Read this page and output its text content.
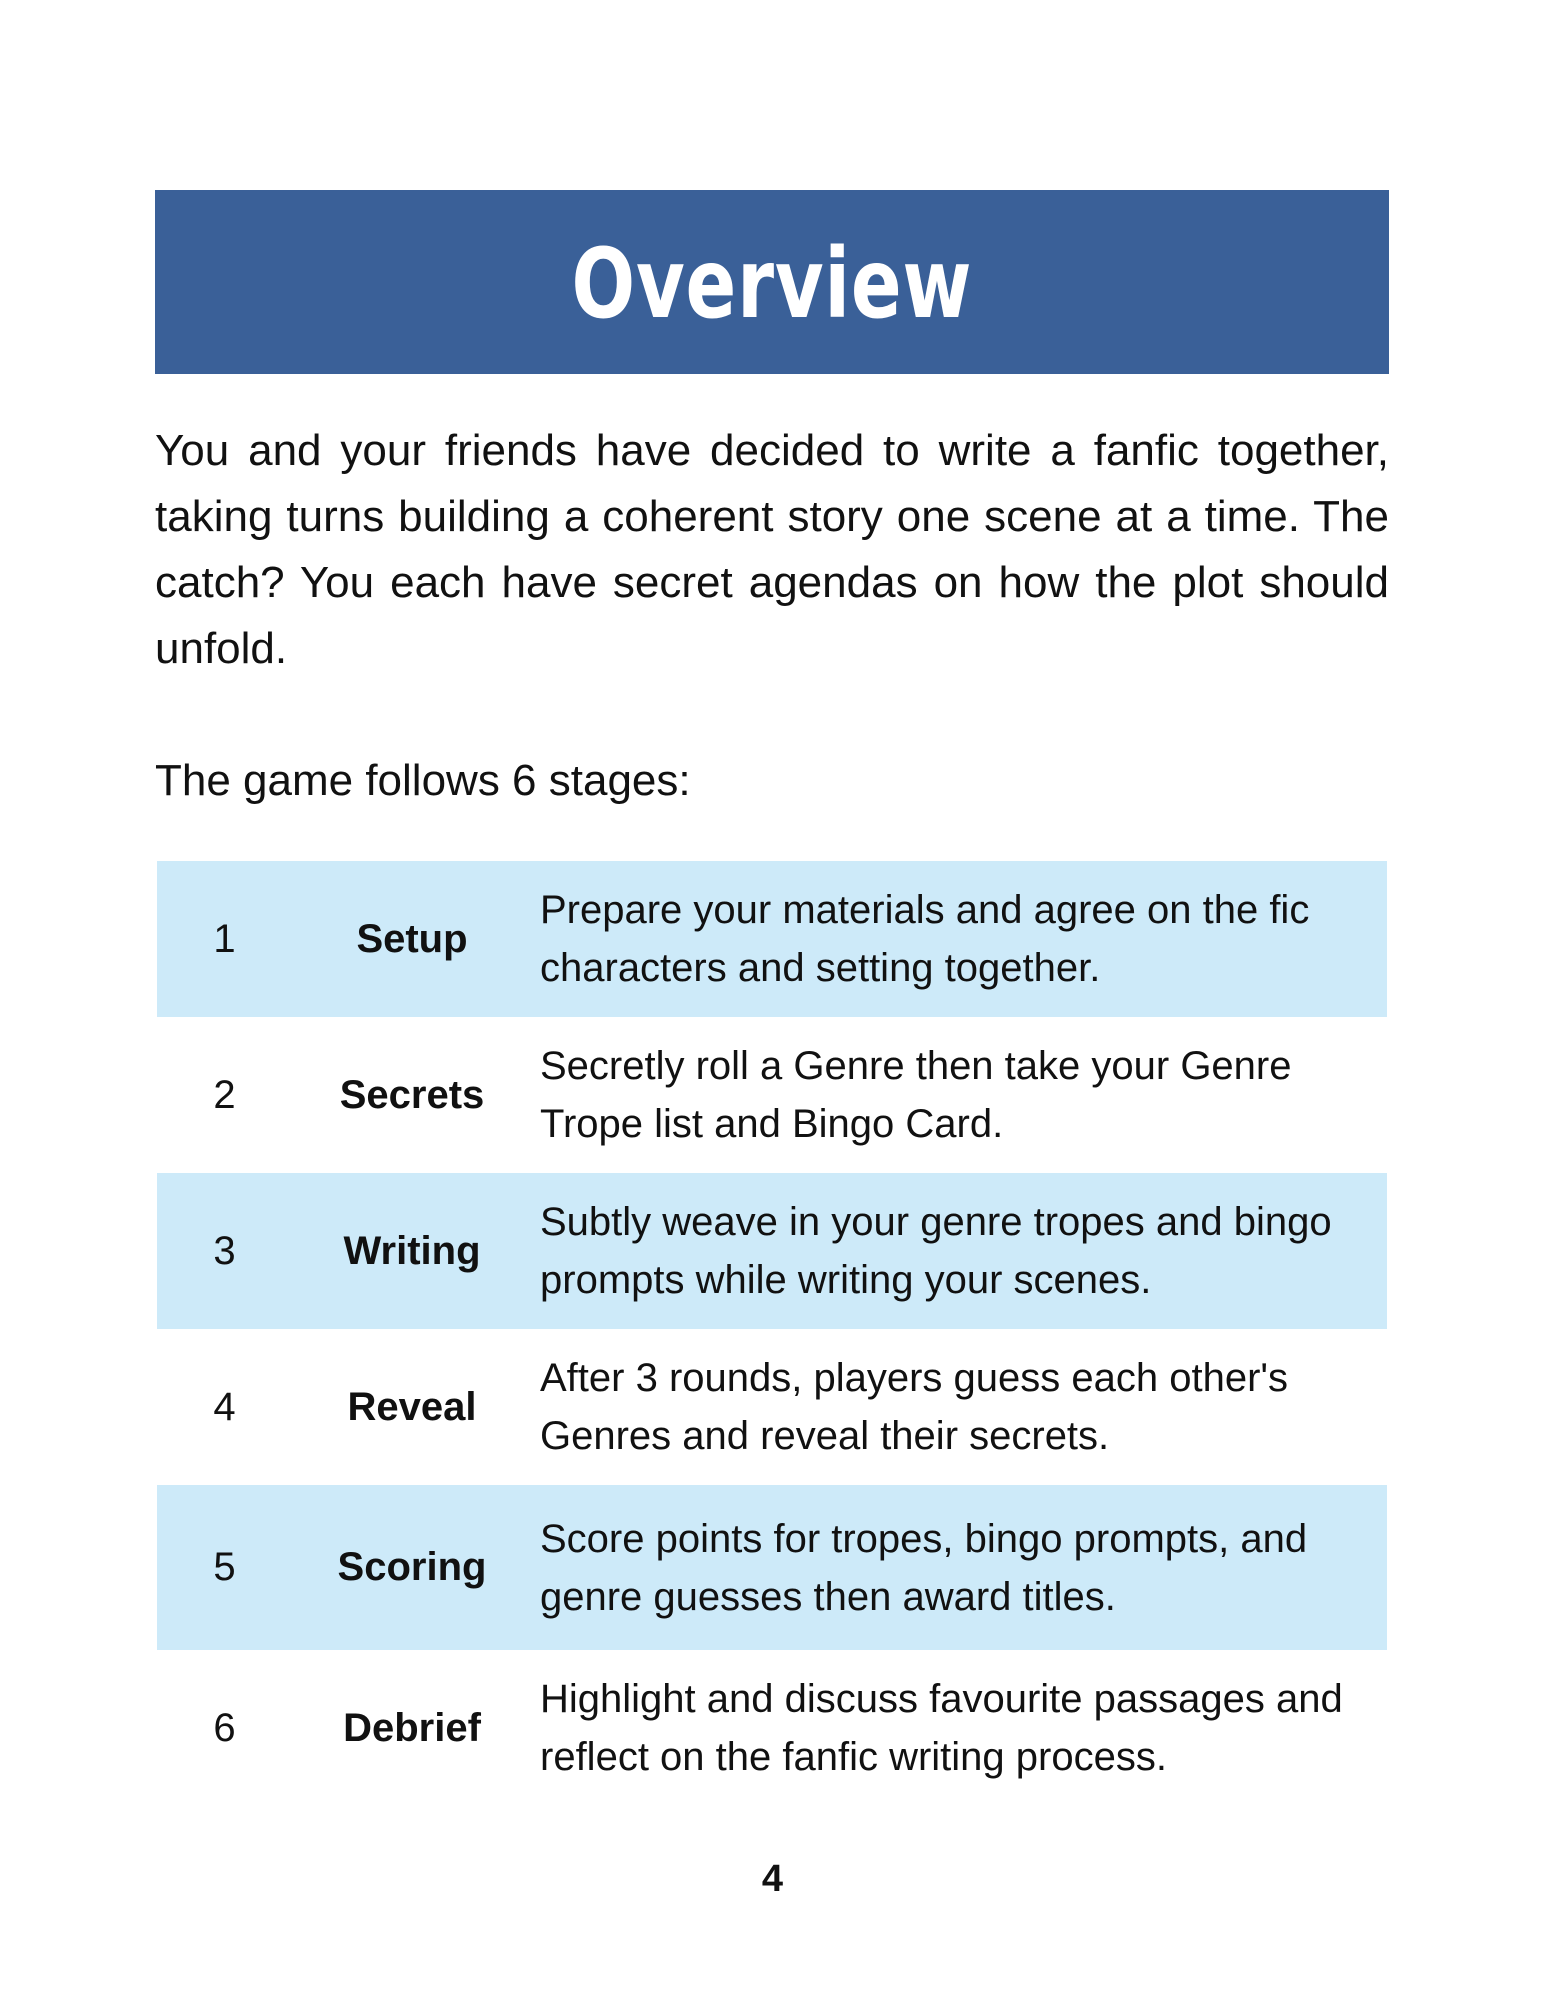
Overview

You and your friends have decided to write a fanfic together, taking turns building a coherent story one scene at a time. The catch? You each have secret agendas on how the plot should unfold.

The game follows 6 stages:

1	Setup	Prepare your materials and agree on the fic characters and setting together.
2	Secrets	Secretly roll a Genre then take your Genre Trope list and Bingo Card.
3	Writing	Subtly weave in your genre tropes and bingo prompts while writing your scenes.
4	Reveal	After 3 rounds, players guess each other's Genres and reveal their secrets.
5	Scoring	Score points for tropes, bingo prompts, and genre guesses then award titles.
6	Debrief	Highlight and discuss favourite passages and reflect on the fanfic writing process.
4
